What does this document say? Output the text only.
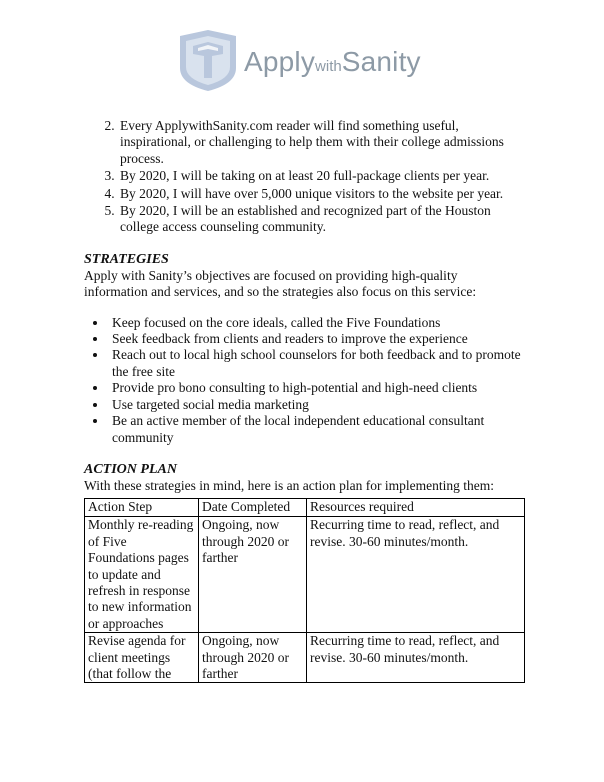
ApplywithSanity
2. Every ApplywithSanity.com reader will find something useful, inspirational, or challenging to help them with their college admissions process.
3. By 2020, I will be taking on at least 20 full-package clients per year.
4. By 2020, I will have over 5,000 unique visitors to the website per year.
5. By 2020, I will be an established and recognized part of the Houston college access counseling community.
STRATEGIES

Apply with Sanity’s objectives are focused on providing high-quality information and services, and so the strategies also focus on this service:

• Keep focused on the core ideals, called the Five Foundations
• Seek feedback from clients and readers to improve the experience
• Reach out to local high school counselors for both feedback and to promote the free site
• Provide pro bono consulting to high-potential and high-need clients
• Use targeted social media marketing
• Be an active member of the local independent educational consultant community
ACTION PLAN

With these strategies in mind, here is an action plan for implementing them:

Action Step	Date Completed	Resources required
Monthly re-reading of Five Foundations pages to update and refresh in response to new information or approaches	Ongoing, now through 2020 or farther	Recurring time to read, reflect, and revise. 30-60 minutes/month.
Revise agenda for client meetings (that follow the	Ongoing, now through 2020 or farther	Recurring time to read, reflect, and revise. 30-60 minutes/month.
